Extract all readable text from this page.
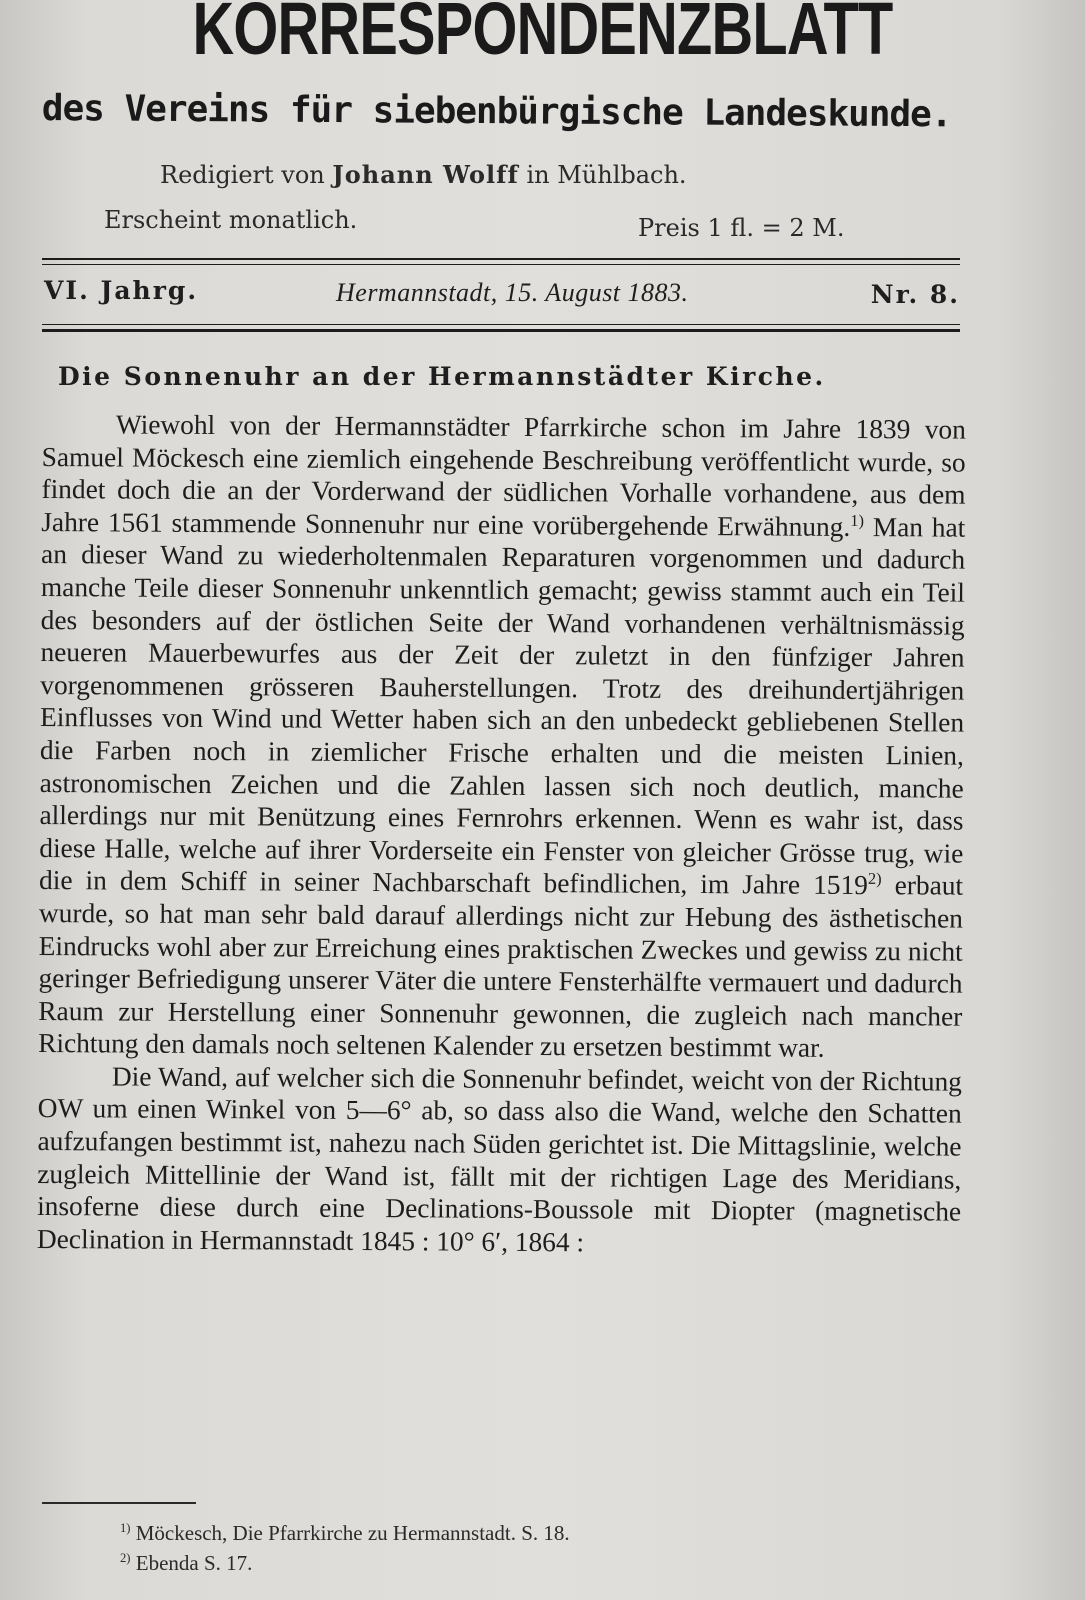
KORRESPONDENZBLATT
des Vereins für siebenbürgische Landeskunde.
Redigiert von Johann Wolff in Mühlbach.
Erscheint monatlich.	Preis 1 fl. = 2 M.
VI. Jahrg.	Hermannstadt, 15. August 1883.	Nr. 8.
Die Sonnenuhr an der Hermannstädter Kirche.

Wiewohl von der Hermannstädter Pfarrkirche schon im Jahre 1839 von Samuel Möckesch eine ziemlich eingehende Beschreibung veröffentlicht wurde, so findet doch die an der Vorderwand der südlichen Vorhalle vorhandene, aus dem Jahre 1561 stammende Sonnenuhr nur eine vorübergehende Erwähnung.$^{1)}$ Man hat an dieser Wand zu wiederholtenmalen Reparaturen vorgenommen und dadurch manche Teile dieser Sonnenuhr unkenntlich gemacht; gewiss stammt auch ein Teil des besonders auf der östlichen Seite der Wand vorhandenen verhältnismässig neueren Mauerbewurfes aus der Zeit der zuletzt in den fünfziger Jahren vorgenommenen grösseren Bauherstellungen. Trotz des dreihundertjährigen Einflusses von Wind und Wetter haben sich an den unbedeckt gebliebenen Stellen die Farben noch in ziemlicher Frische erhalten und die meisten Linien, astronomischen Zeichen und die Zahlen lassen sich noch deutlich, manche allerdings nur mit Benützung eines Fernrohrs erkennen. Wenn es wahr ist, dass diese Halle, welche auf ihrer Vorderseite ein Fenster von gleicher Grösse trug, wie die in dem Schiff in seiner Nachbarschaft befindlichen, im Jahre 1519$^{2)}$ erbaut wurde, so hat man sehr bald darauf allerdings nicht zur Hebung des ästhetischen Eindrucks wohl aber zur Erreichung eines praktischen Zweckes und gewiss zu nicht geringer Befriedigung unserer Väter die untere Fensterhälfte vermauert und dadurch Raum zur Herstellung einer Sonnenuhr gewonnen, die zugleich nach mancher Richtung den damals noch seltenen Kalender zu ersetzen bestimmt war.

Die Wand, auf welcher sich die Sonnenuhr befindet, weicht von der Richtung OW um einen Winkel von 5—6° ab, so dass also die Wand, welche den Schatten aufzufangen bestimmt ist, nahezu nach Süden gerichtet ist. Die Mittagslinie, welche zugleich Mittellinie der Wand ist, fällt mit der richtigen Lage des Meridians, insoferne diese durch eine Declinations-Boussole mit Diopter (magnetische Declination in Hermannstadt 1845 : 10° 6′, 1864 :

$^{1)}$ Möckesch, Die Pfarrkirche zu Hermannstadt. S. 18.
$^{2)}$ Ebenda S. 17.
